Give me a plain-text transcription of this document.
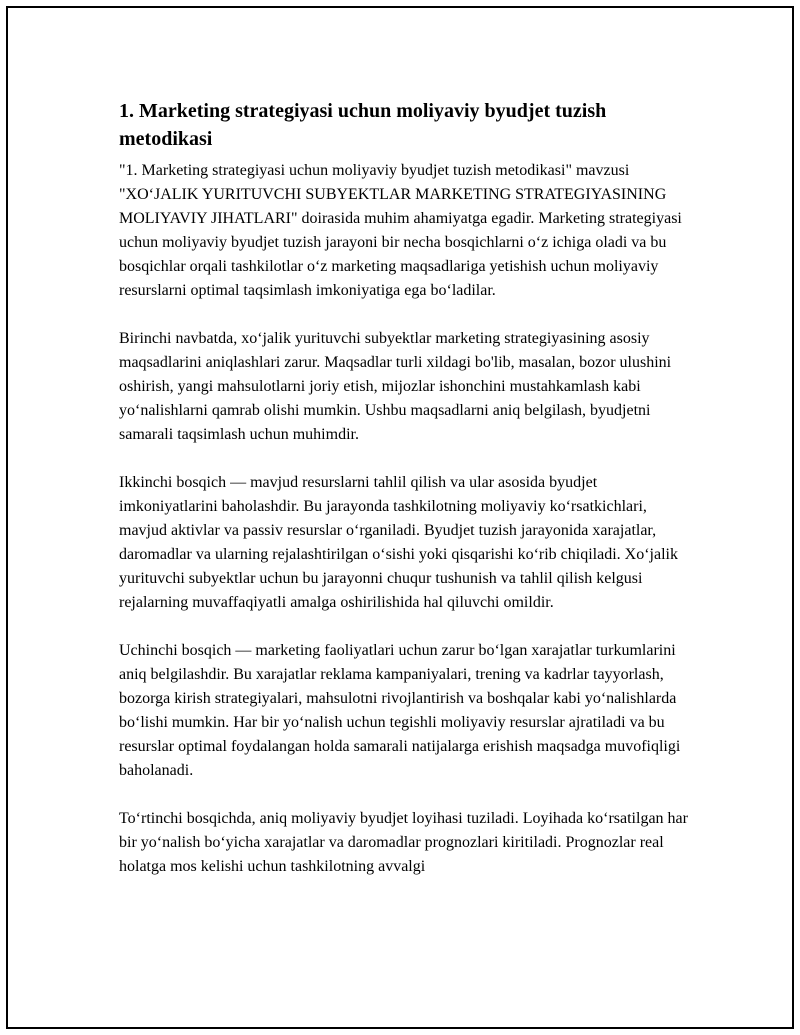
1. Marketing strategiyasi uchun moliyaviy byudjet tuzish metodikasi

"1. Marketing strategiyasi uchun moliyaviy byudjet tuzish metodikasi" mavzusi "XOʻJALIK YURITUVCHI SUBYEKTLAR MARKETING STRATEGIYASINING MOLIYAVIY JIHATLARI" doirasida muhim ahamiyatga egadir. Marketing strategiyasi uchun moliyaviy byudjet tuzish jarayoni bir necha bosqichlarni oʻz ichiga oladi va bu bosqichlar orqali tashkilotlar oʻz marketing maqsadlariga yetishish uchun moliyaviy resurslarni optimal taqsimlash imkoniyatiga ega boʻladilar.

Birinchi navbatda, xoʻjalik yurituvchi subyektlar marketing strategiyasining asosiy maqsadlarini aniqlashlari zarur. Maqsadlar turli xildagi bo'lib, masalan, bozor ulushini oshirish, yangi mahsulotlarni joriy etish, mijozlar ishonchini mustahkamlash kabi yoʻnalishlarni qamrab olishi mumkin. Ushbu maqsadlarni aniq belgilash, byudjetni samarali taqsimlash uchun muhimdir.

Ikkinchi bosqich — mavjud resurslarni tahlil qilish va ular asosida byudjet imkoniyatlarini baholashdir. Bu jarayonda tashkilotning moliyaviy koʻrsatkichlari, mavjud aktivlar va passiv resurslar oʻrganiladi. Byudjet tuzish jarayonida xarajatlar, daromadlar va ularning rejalashtirilgan oʻsishi yoki qisqarishi koʻrib chiqiladi. Xoʻjalik yurituvchi subyektlar uchun bu jarayonni chuqur tushunish va tahlil qilish kelgusi rejalarning muvaffaqiyatli amalga oshirilishida hal qiluvchi omildir.

Uchinchi bosqich — marketing faoliyatlari uchun zarur boʻlgan xarajatlar turkumlarini aniq belgilashdir. Bu xarajatlar reklama kampaniyalari, trening va kadrlar tayyorlash, bozorga kirish strategiyalari, mahsulotni rivojlantirish va boshqalar kabi yoʻnalishlarda boʻlishi mumkin. Har bir yoʻnalish uchun tegishli moliyaviy resurslar ajratiladi va bu resurslar optimal foydalangan holda samarali natijalarga erishish maqsadga muvofiqligi baholanadi.

Toʻrtinchi bosqichda, aniq moliyaviy byudjet loyihasi tuziladi. Loyihada koʻrsatilgan har bir yoʻnalish boʻyicha xarajatlar va daromadlar prognozlari kiritiladi. Prognozlar real holatga mos kelishi uchun tashkilotning avvalgi
